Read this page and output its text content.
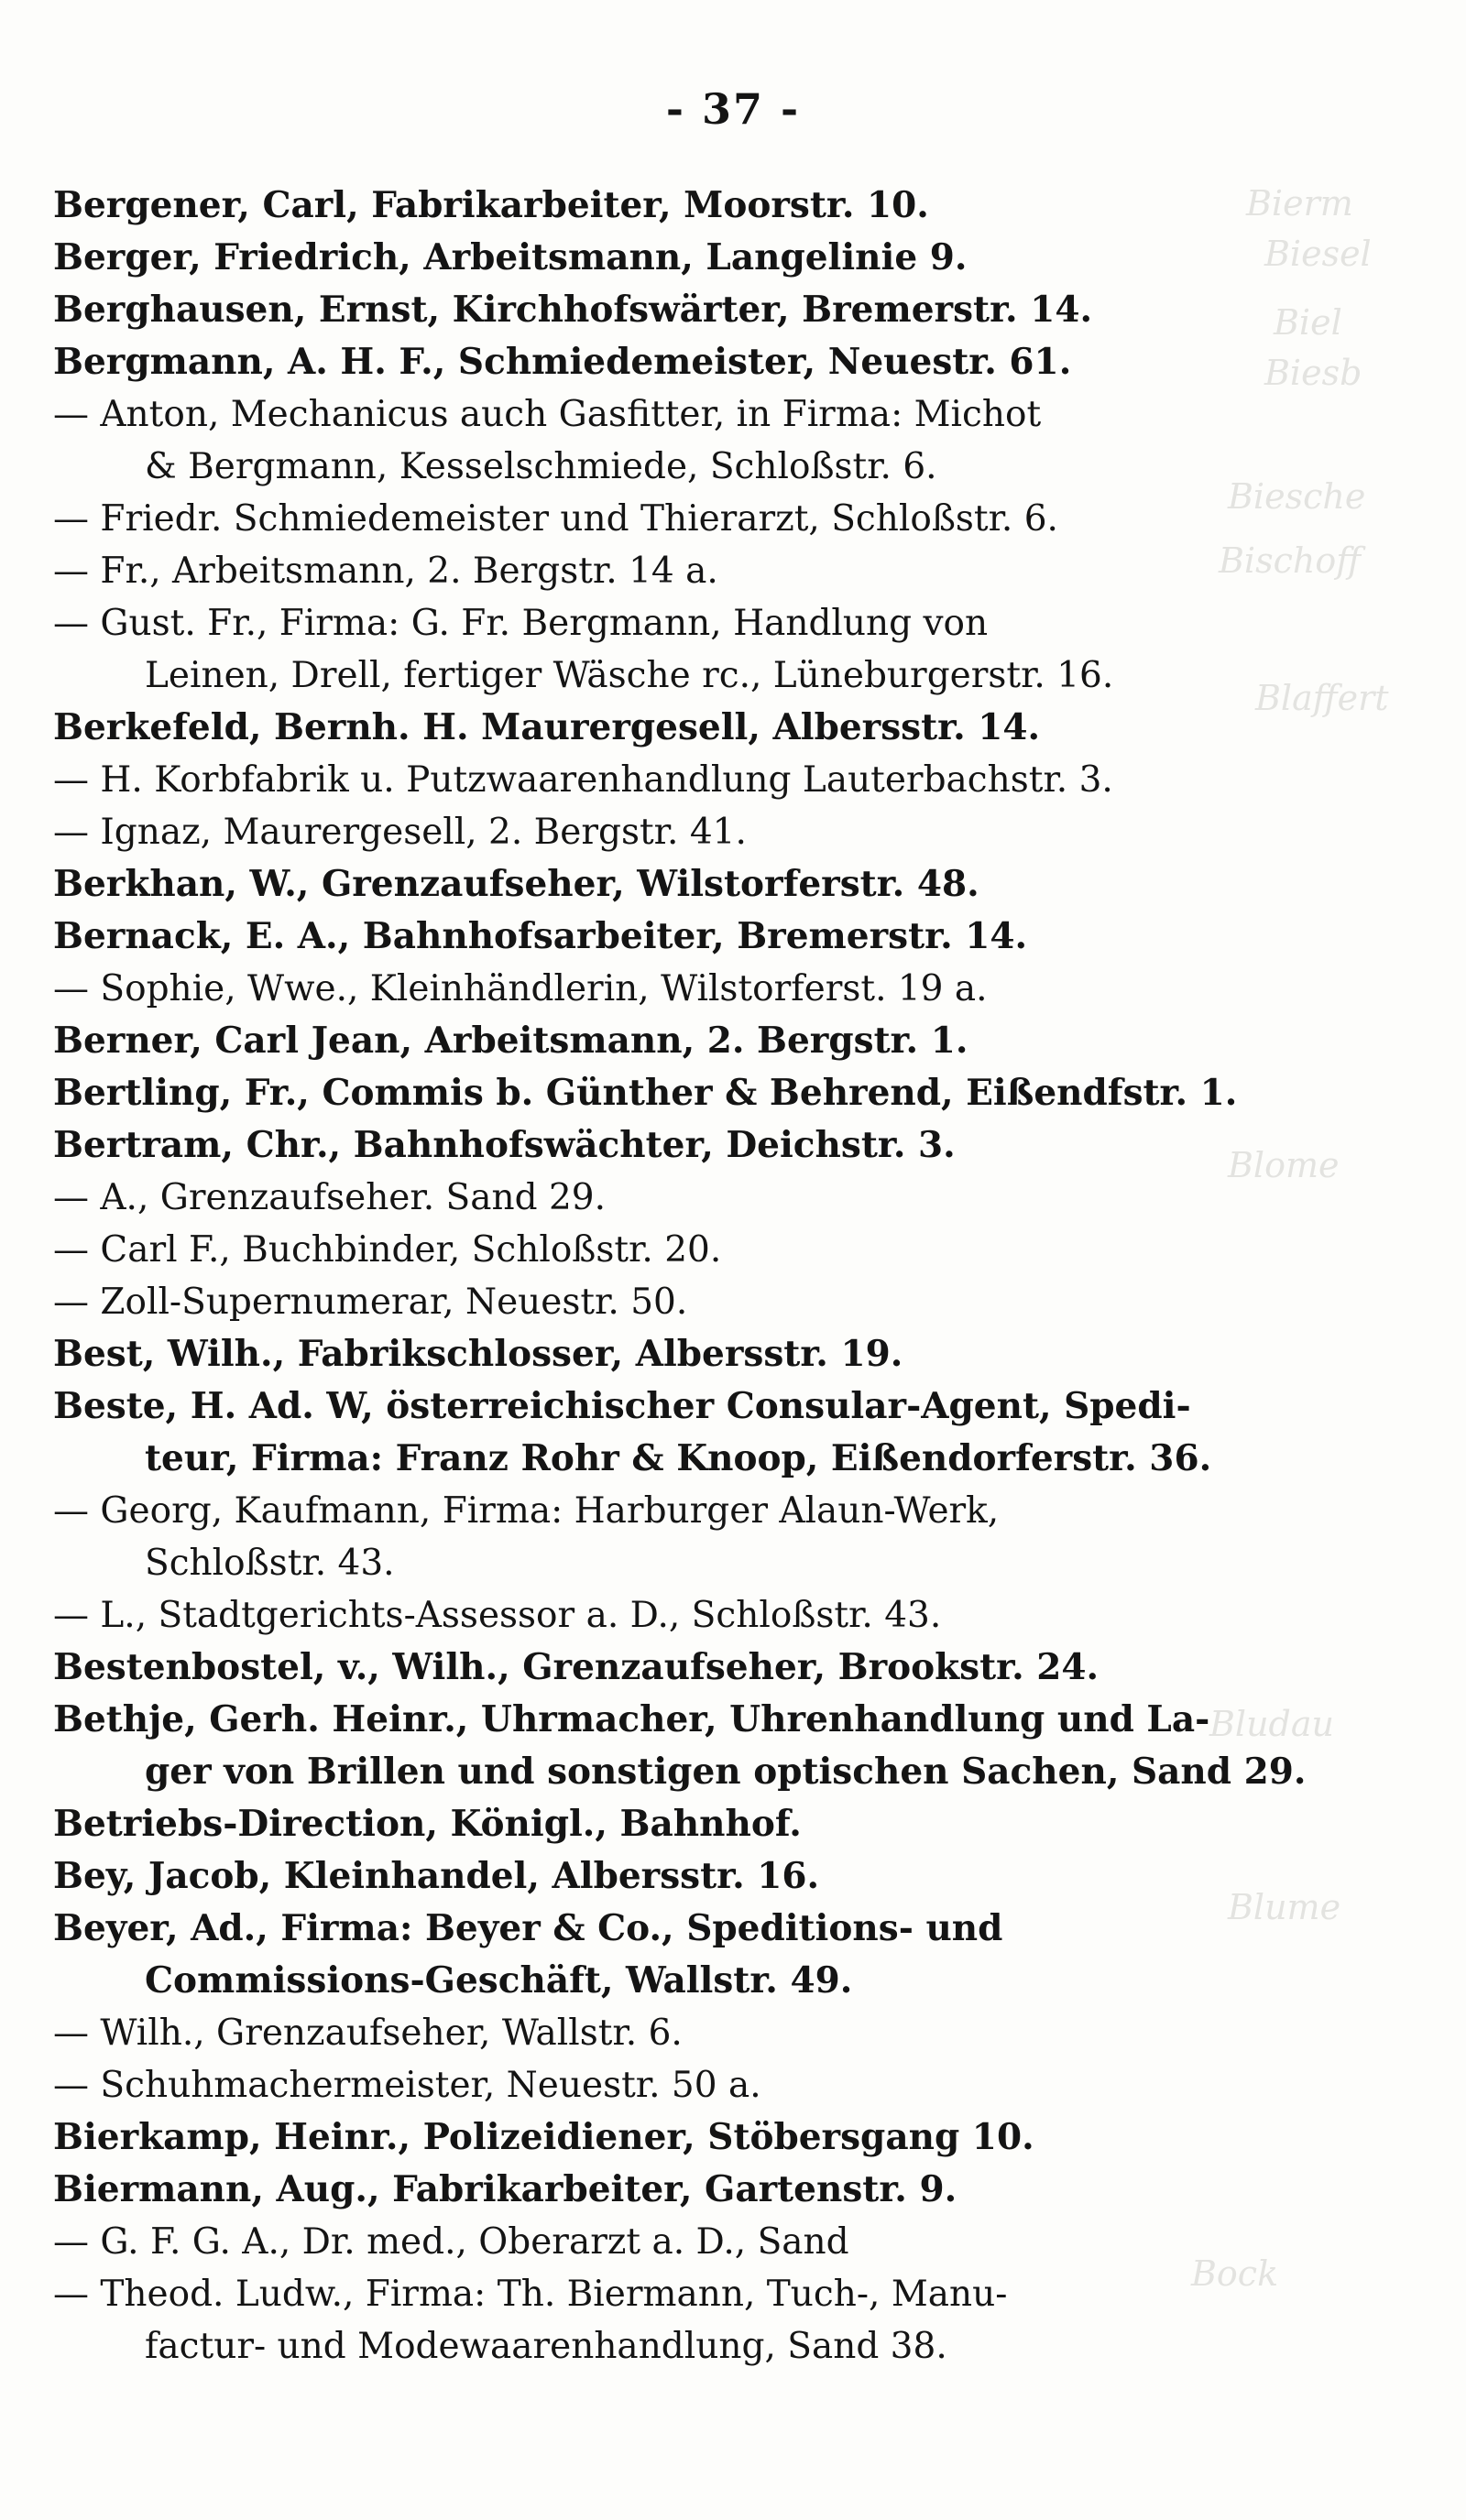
Bierm
Biesel
Biel
Biesb
Biesche
Bischoff
Blaffert
Blome
Bludau
Blume
Bock
- 37 -
Bergener, Carl, Fabrikarbeiter, Moorstr. 10.
Berger, Friedrich, Arbeitsmann, Langelinie 9.
Berghausen, Ernst, Kirchhofswärter, Bremerstr. 14.
Bergmann, A. H. F., Schmiedemeister, Neuestr. 61.
— Anton, Mechanicus auch Gasfitter, in Firma: Michot
& Bergmann, Kesselschmiede, Schloßstr. 6.
— Friedr. Schmiedemeister und Thierarzt, Schloßstr. 6.
— Fr., Arbeitsmann, 2. Bergstr. 14 a.
— Gust. Fr., Firma: G. Fr. Bergmann, Handlung von
Leinen, Drell, fertiger Wäsche rc., Lüneburgerstr. 16.
Berkefeld, Bernh. H. Maurergesell, Albersstr. 14.
— H. Korbfabrik u. Putzwaarenhandlung Lauterbachstr. 3.
— Ignaz, Maurergesell, 2. Bergstr. 41.
Berkhan, W., Grenzaufseher, Wilstorferstr. 48.
Bernack, E. A., Bahnhofsarbeiter, Bremerstr. 14.
— Sophie, Wwe., Kleinhändlerin, Wilstorferst. 19 a.
Berner, Carl Jean, Arbeitsmann, 2. Bergstr. 1.
Bertling, Fr., Commis b. Günther & Behrend, Eißendfstr. 1.
Bertram, Chr., Bahnhofswächter, Deichstr. 3.
— A., Grenzaufseher. Sand 29.
— Carl F., Buchbinder, Schloßstr. 20.
— Zoll-Supernumerar, Neuestr. 50.
Best, Wilh., Fabrikschlosser, Albersstr. 19.
Beste, H. Ad. W, österreichischer Consular-Agent, Spedi-
teur, Firma: Franz Rohr & Knoop, Eißendorferstr. 36.
— Georg, Kaufmann, Firma: Harburger Alaun-Werk,
Schloßstr. 43.
— L., Stadtgerichts-Assessor a. D., Schloßstr. 43.
Bestenbostel, v., Wilh., Grenzaufseher, Brookstr. 24.
Bethje, Gerh. Heinr., Uhrmacher, Uhrenhandlung und La-
ger von Brillen und sonstigen optischen Sachen, Sand 29.
Betriebs-Direction, Königl., Bahnhof.
Bey, Jacob, Kleinhandel, Albersstr. 16.
Beyer, Ad., Firma: Beyer & Co., Speditions- und
Commissions-Geschäft, Wallstr. 49.
— Wilh., Grenzaufseher, Wallstr. 6.
— Schuhmachermeister, Neuestr. 50 a.
Bierkamp, Heinr., Polizeidiener, Stöbersgang 10.
Biermann, Aug., Fabrikarbeiter, Gartenstr. 9.
— G. F. G. A., Dr. med., Oberarzt a. D., Sand
— Theod. Ludw., Firma: Th. Biermann, Tuch-, Manu-
factur- und Modewaarenhandlung, Sand 38.
